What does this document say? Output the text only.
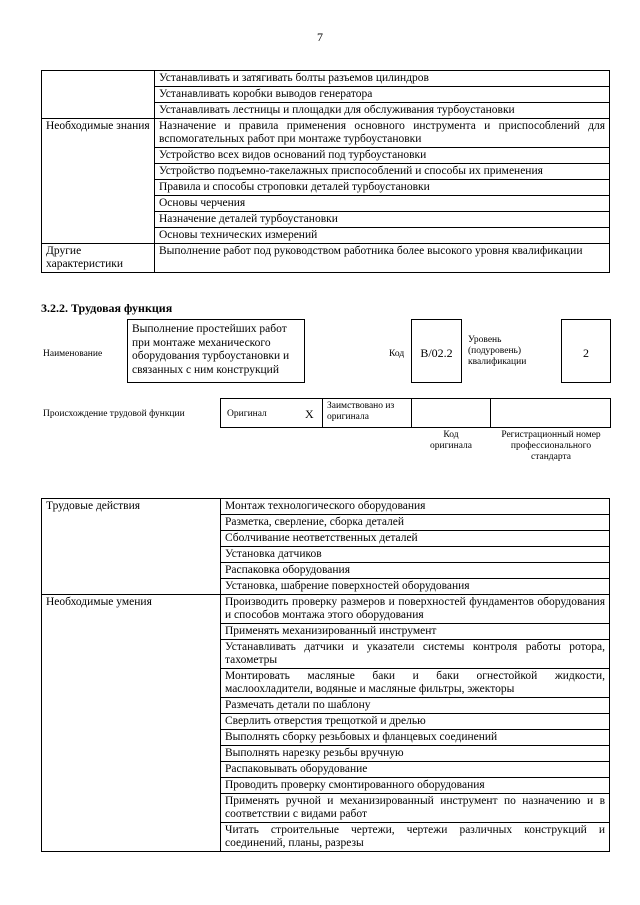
7
	Устанавливать и затягивать болты разъемов цилиндров
	Устанавливать коробки выводов генератора
	Устанавливать лестницы и площадки для обслуживания турбоустановки
Необходимые знания	Назначение и правила применения основного инструмента и приспособлений для вспомогательных работ при монтаже турбоустановки
	Устройство всех видов оснований под турбоустановки
	Устройство подъемно-такелажных приспособлений и способы их применения
	Правила и способы строповки деталей турбоустановки
	Основы черчения
	Назначение деталей турбоустановки
	Основы технических измерений
Другие характеристики	Выполнение работ под руководством работника более высокого уровня квалификации
3.2.2. Трудовая функция
Наименование
Выполнение простейших работ при монтаже механического оборудования турбоустановки и связанных с ним конструкций
Код	B/02.2
Уровень (подуровень) квалификации
2
Происхождение трудовой функции	Оригинал	X
Заимствовано из оригинала
Код оригинала
Регистрационный номер профессионального стандарта
Трудовые действия	Монтаж технологического оборудования
	Разметка, сверление, сборка деталей
	Сболчивание неответственных деталей
	Установка датчиков
	Распаковка оборудования
	Установка, шабрение поверхностей оборудования
Необходимые умения	Производить проверку размеров и поверхностей фундаментов оборудования и способов монтажа этого оборудования
	Применять механизированный инструмент
	Устанавливать датчики и указатели системы контроля работы ротора, тахометры
	Монтировать масляные баки и баки огнестойкой жидкости, маслоохладители, водяные и масляные фильтры, эжекторы
	Размечать детали по шаблону
	Сверлить отверстия трещоткой и дрелью
	Выполнять сборку резьбовых и фланцевых соединений
	Выполнять нарезку резьбы вручную
	Распаковывать оборудование
	Проводить проверку смонтированного оборудования
	Применять ручной и механизированный инструмент по назначению и в соответствии с видами работ
	Читать строительные чертежи, чертежи различных конструкций и соединений, планы, разрезы
